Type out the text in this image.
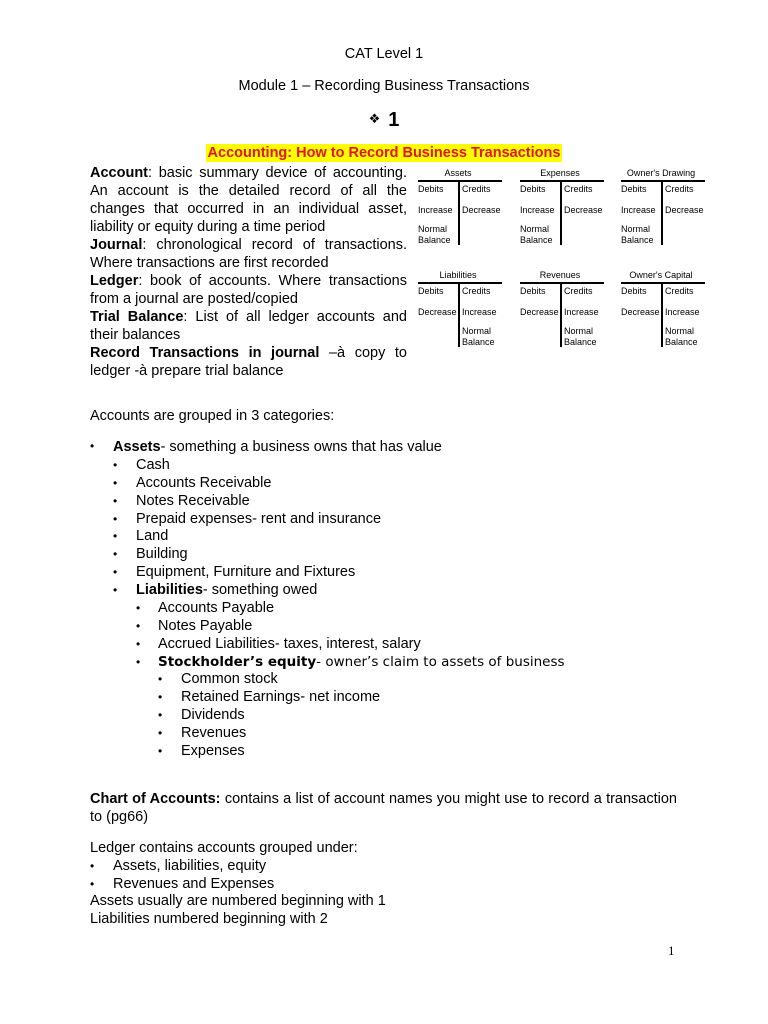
CAT Level 1
Module 1 – Recording Business Transactions
❖ 1
Accounting: How to Record Business Transactions

Account: basic summary device of accounting. An account is the detailed record of all the changes that occurred in an individual asset, liability or equity during a time period

Journal: chronological record of transactions. Where transactions are first recorded

Ledger: book of accounts. Where transactions from a journal are posted/copied

Trial Balance: List of all ledger accounts and their balances

Record Transactions in journal –à copy to ledger -à prepare trial balance

Assets
Debits Credits
Increase Decrease
Normal
Balance
Expenses
Debits Credits
Increase Decrease
Normal
Balance
Owner's Drawing
Debits Credits
Increase Decrease
Normal
Balance
Liabilities
Debits Credits
Decrease Increase
Normal
Balance
Revenues
Debits Credits
Decrease Increase
Normal
Balance
Owner's Capital
Debits Credits
Decrease Increase
Normal
Balance
Accounts are grouped in 3 categories:
• Assets- something a business owns that has value
• Cash
• Accounts Receivable
• Notes Receivable
• Prepaid expenses- rent and insurance
• Land
• Building
• Equipment, Furniture and Fixtures
• Liabilities- something owed
• Accounts Payable
• Notes Payable
• Accrued Liabilities- taxes, interest, salary
• Stockholder’s equity- owner’s claim to assets of business
• Common stock
• Retained Earnings- net income
• Dividends
• Revenues
• Expenses
Chart of Accounts: contains a list of account names you might use to record a transaction to (pg66)
Ledger contains accounts grouped under:
• Assets, liabilities, equity
• Revenues and Expenses
Assets usually are numbered beginning with 1
Liabilities numbered beginning with 2
1
